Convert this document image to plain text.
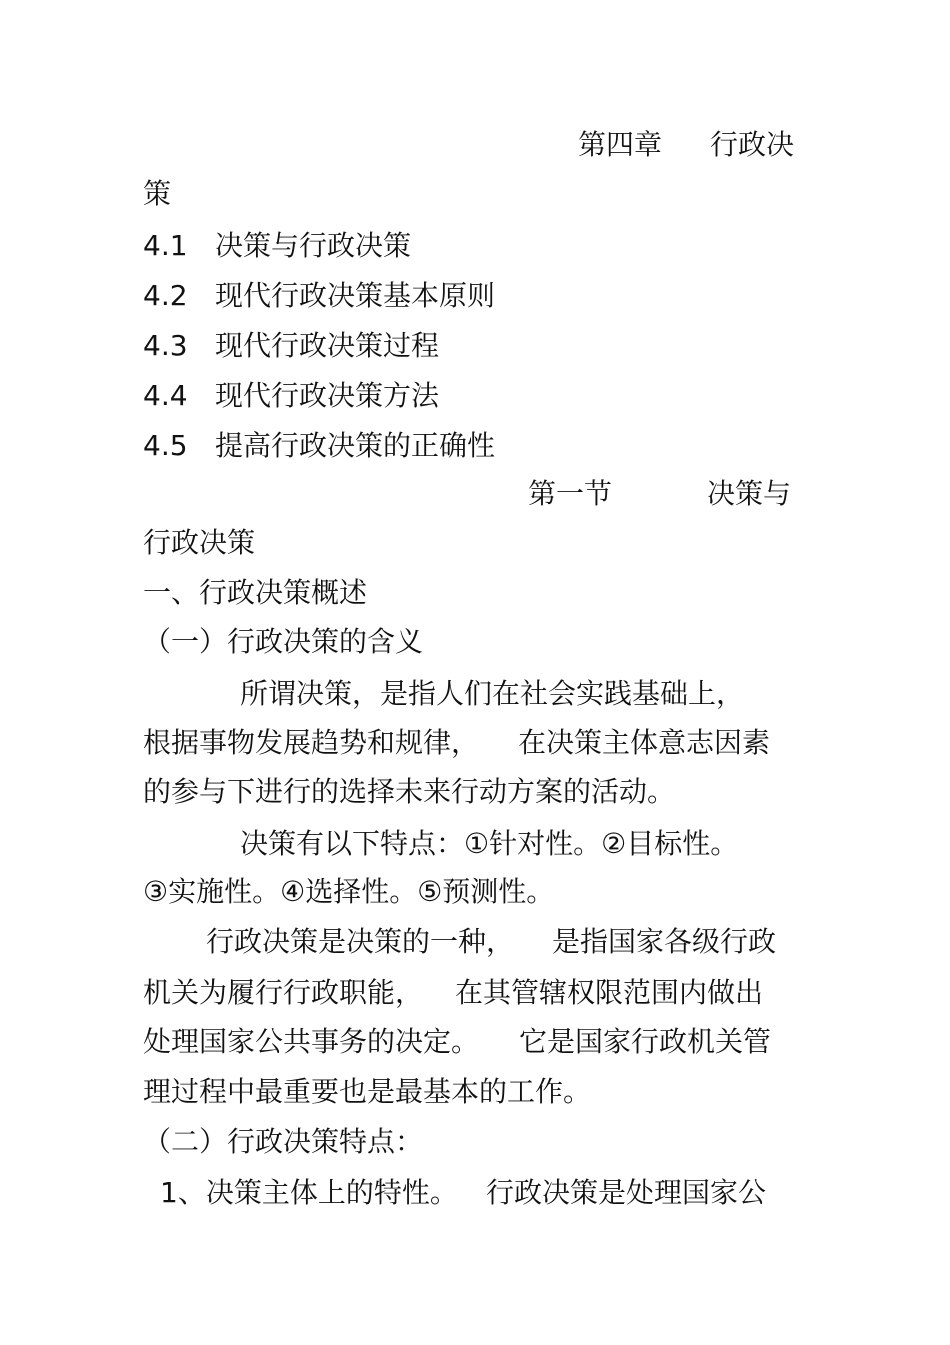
第四章 行政决
策
4.1 决策与行政决策
4.2 现代行政决策基本原则
4.3 现代行政决策过程
4.4 现代行政决策方法
4.5 提高行政决策的正确性
第一节	决策与
行政决策
一、行政决策概述
（一）行政决策的含义
所谓决策，是指人们在社会实践基础上，
根据事物发展趋势和规律， 在决策主体意志因素
的参与下进行的选择未来行动方案的活动。
决策有以下特点：①针对性。②目标性。
③实施性。④选择性。⑤预测性。
行政决策是决策的一种， 是指国家各级行政
机关为履行行政职能， 在其管辖权限范围内做出
处理国家公共事务的决定。 它是国家行政机关管
理过程中最重要也是最基本的工作。
（二）行政决策特点：
1、决策主体上的特性。 行政决策是处理国家公
